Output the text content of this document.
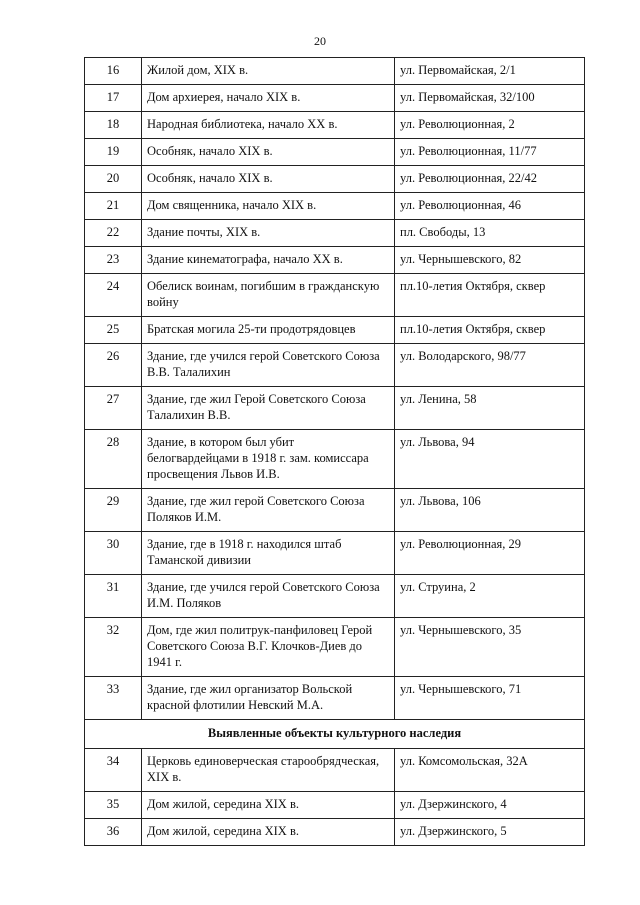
20
16	Жилой дом, XIX в.	ул. Первомайская, 2/1
17	Дом архиерея, начало XIX в.	ул. Первомайская, 32/100
18	Народная библиотека, начало XX в.	ул. Революционная, 2
19	Особняк, начало XIX в.	ул. Революционная, 11/77
20	Особняк, начало XIX в.	ул. Революционная, 22/42
21	Дом священника, начало XIX в.	ул. Революционная, 46
22	Здание почты, XIX в.	пл. Свободы, 13
23	Здание кинематографа, начало XX в.	ул. Чернышевского, 82
24	Обелиск воинам, погибшим в гражданскую войну	пл.10-летия Октября, сквер
25	Братская могила 25-ти продотрядовцев	пл.10-летия Октября, сквер
26	Здание, где учился герой Советского Союза В.В. Талалихин	ул. Володарского, 98/77
27	Здание, где жил Герой Советского Союза Талалихин В.В.	ул. Ленина, 58
28	Здание, в котором был убит белогвардейцами в 1918 г. зам. комиссара просвещения Львов И.В.	ул. Львова, 94
29	Здание, где жил герой Советского Союза Поляков И.М.	ул. Львова, 106
30	Здание, где в 1918 г. находился штаб Таманской дивизии	ул. Революционная, 29
31	Здание, где учился герой Советского Союза И.М. Поляков	ул. Струина, 2
32	Дом, где жил политрук-панфиловец Герой Советского Союза В.Г. Клочков-Диев до 1941 г.	ул. Чернышевского, 35
33	Здание, где жил организатор Вольской красной флотилии Невский М.А.	ул. Чернышевского, 71
Выявленные объекты культурного наследия		
34	Церковь единоверческая старообрядческая, XIX в.	ул. Комсомольская, 32А
35	Дом жилой, середина XIX в.	ул. Дзержинского, 4
36	Дом жилой, середина XIX в.	ул. Дзержинского, 5
